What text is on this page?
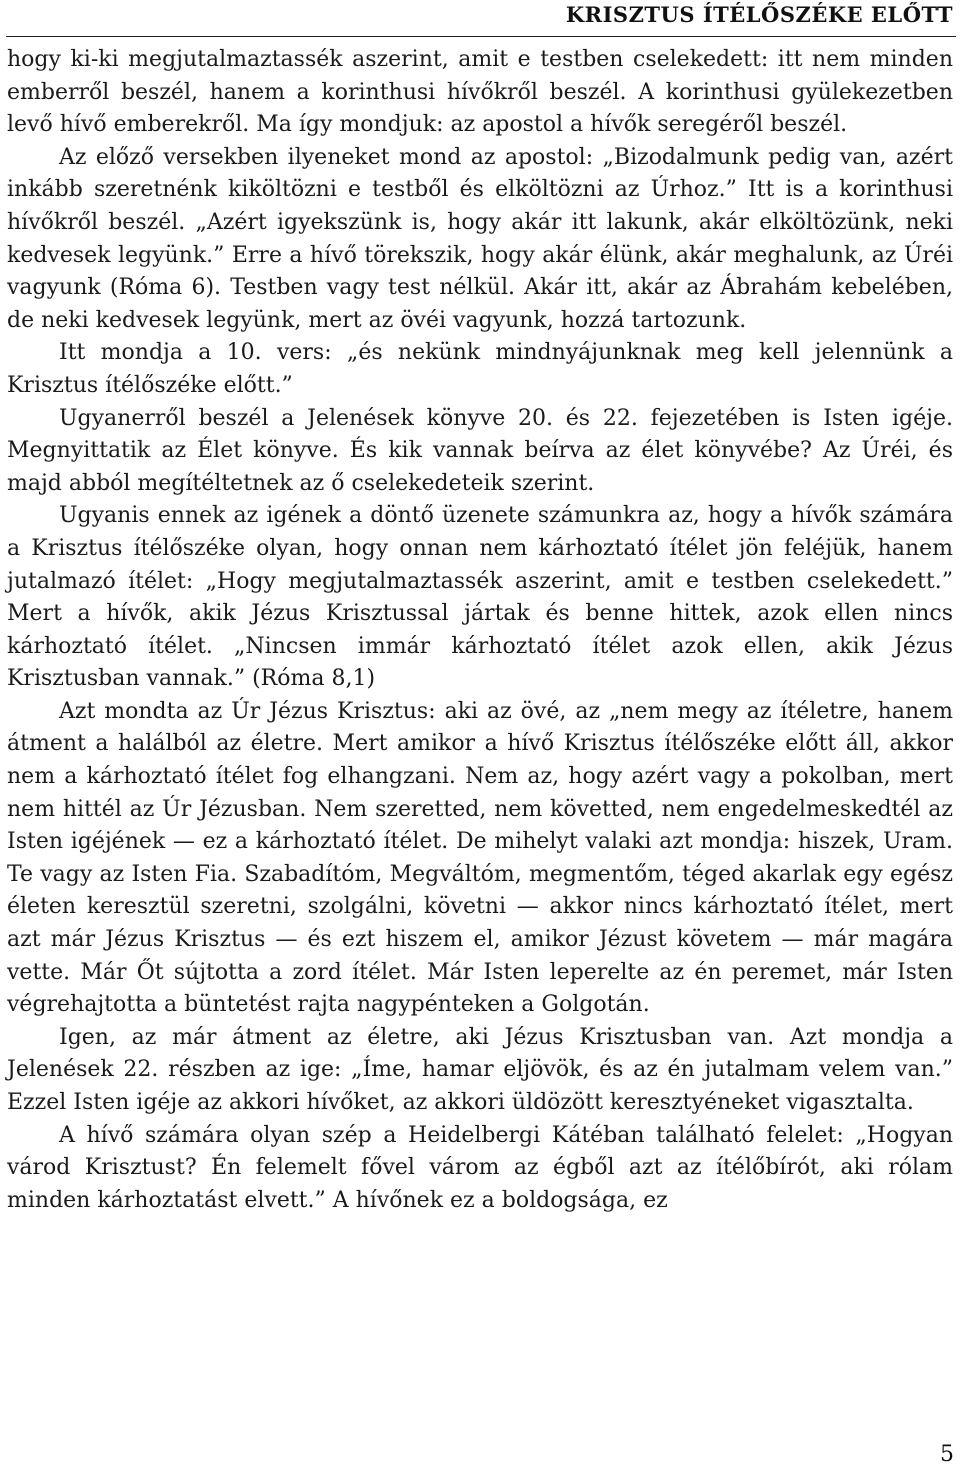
KRISZTUS ÍTÉLŐSZÉKE ELŐTT

hogy ki-ki megjutalmaztassék aszerint, amit e testben cselekedett: itt nem minden emberről beszél, hanem a korinthusi hívőkről beszél. A korinthusi gyülekezetben levő hívő emberekről. Ma így mondjuk: az apostol a hívők seregéről beszél.

Az előző versekben ilyeneket mond az apostol: „Bizodalmunk pedig van, azért inkább szeretnénk kiköltözni e testből és elköltözni az Úrhoz.” Itt is a korinthusi hívőkről beszél. „Azért igyekszünk is, hogy akár itt lakunk, akár elköltözünk, neki kedvesek legyünk.” Erre a hívő törekszik, hogy akár élünk, akár meghalunk, az Úréi vagyunk (Róma 6). Testben vagy test nélkül. Akár itt, akár az Ábrahám kebelében, de neki kedvesek legyünk, mert az övéi vagyunk, hozzá tartozunk.

Itt mondja a 10. vers: „és nekünk mindnyájunknak meg kell jelennünk a Krisztus ítélőszéke előtt.”

Ugyanerről beszél a Jelenések könyve 20. és 22. fejezetében is Isten igéje. Megnyittatik az Élet könyve. És kik vannak beírva az élet könyvébe? Az Úréi, és majd abból megítéltetnek az ő cselekedeteik szerint.

Ugyanis ennek az igének a döntő üzenete számunkra az, hogy a hívők számára a Krisztus ítélőszéke olyan, hogy onnan nem kárhoztató ítélet jön feléjük, hanem jutalmazó ítélet: „Hogy megjutalmaztassék aszerint, amit e testben cselekedett.” Mert a hívők, akik Jézus Krisztussal jártak és benne hittek, azok ellen nincs kárhoztató ítélet. „Nincsen immár kárhoztató ítélet azok ellen, akik Jézus Krisztusban vannak.” (Róma 8,1)

Azt mondta az Úr Jézus Krisztus: aki az övé, az „nem megy az ítéletre, hanem átment a halálból az életre. Mert amikor a hívő Krisztus ítélőszéke előtt áll, akkor nem a kárhoztató ítélet fog elhangzani. Nem az, hogy azért vagy a pokolban, mert nem hittél az Úr Jézusban. Nem szeretted, nem követted, nem engedelmeskedtél az Isten igéjének — ez a kárhoztató ítélet. De mihelyt valaki azt mondja: hiszek, Uram. Te vagy az Isten Fia. Szabadítóm, Megváltóm, megmentőm, téged akarlak egy egész életen keresztül szeretni, szolgálni, követni — akkor nincs kárhoztató ítélet, mert azt már Jézus Krisztus — és ezt hiszem el, amikor Jézust követem — már magára vette. Már Őt sújtotta a zord ítélet. Már Isten leperelte az én peremet, már Isten végrehajtotta a büntetést rajta nagypénteken a Golgotán.

Igen, az már átment az életre, aki Jézus Krisztusban van. Azt mondja a Jelenések 22. részben az ige: „Íme, hamar eljövök, és az én jutalmam velem van.” Ezzel Isten igéje az akkori hívőket, az akkori üldözött keresztyéneket vigasztalta.

A hívő számára olyan szép a Heidelbergi Kátéban található felelet: „Hogyan várod Krisztust? Én felemelt fővel várom az égből azt az ítélőbírót, aki rólam minden kárhoztatást elvett.” A hívőnek ez a boldogsága, ez

5
